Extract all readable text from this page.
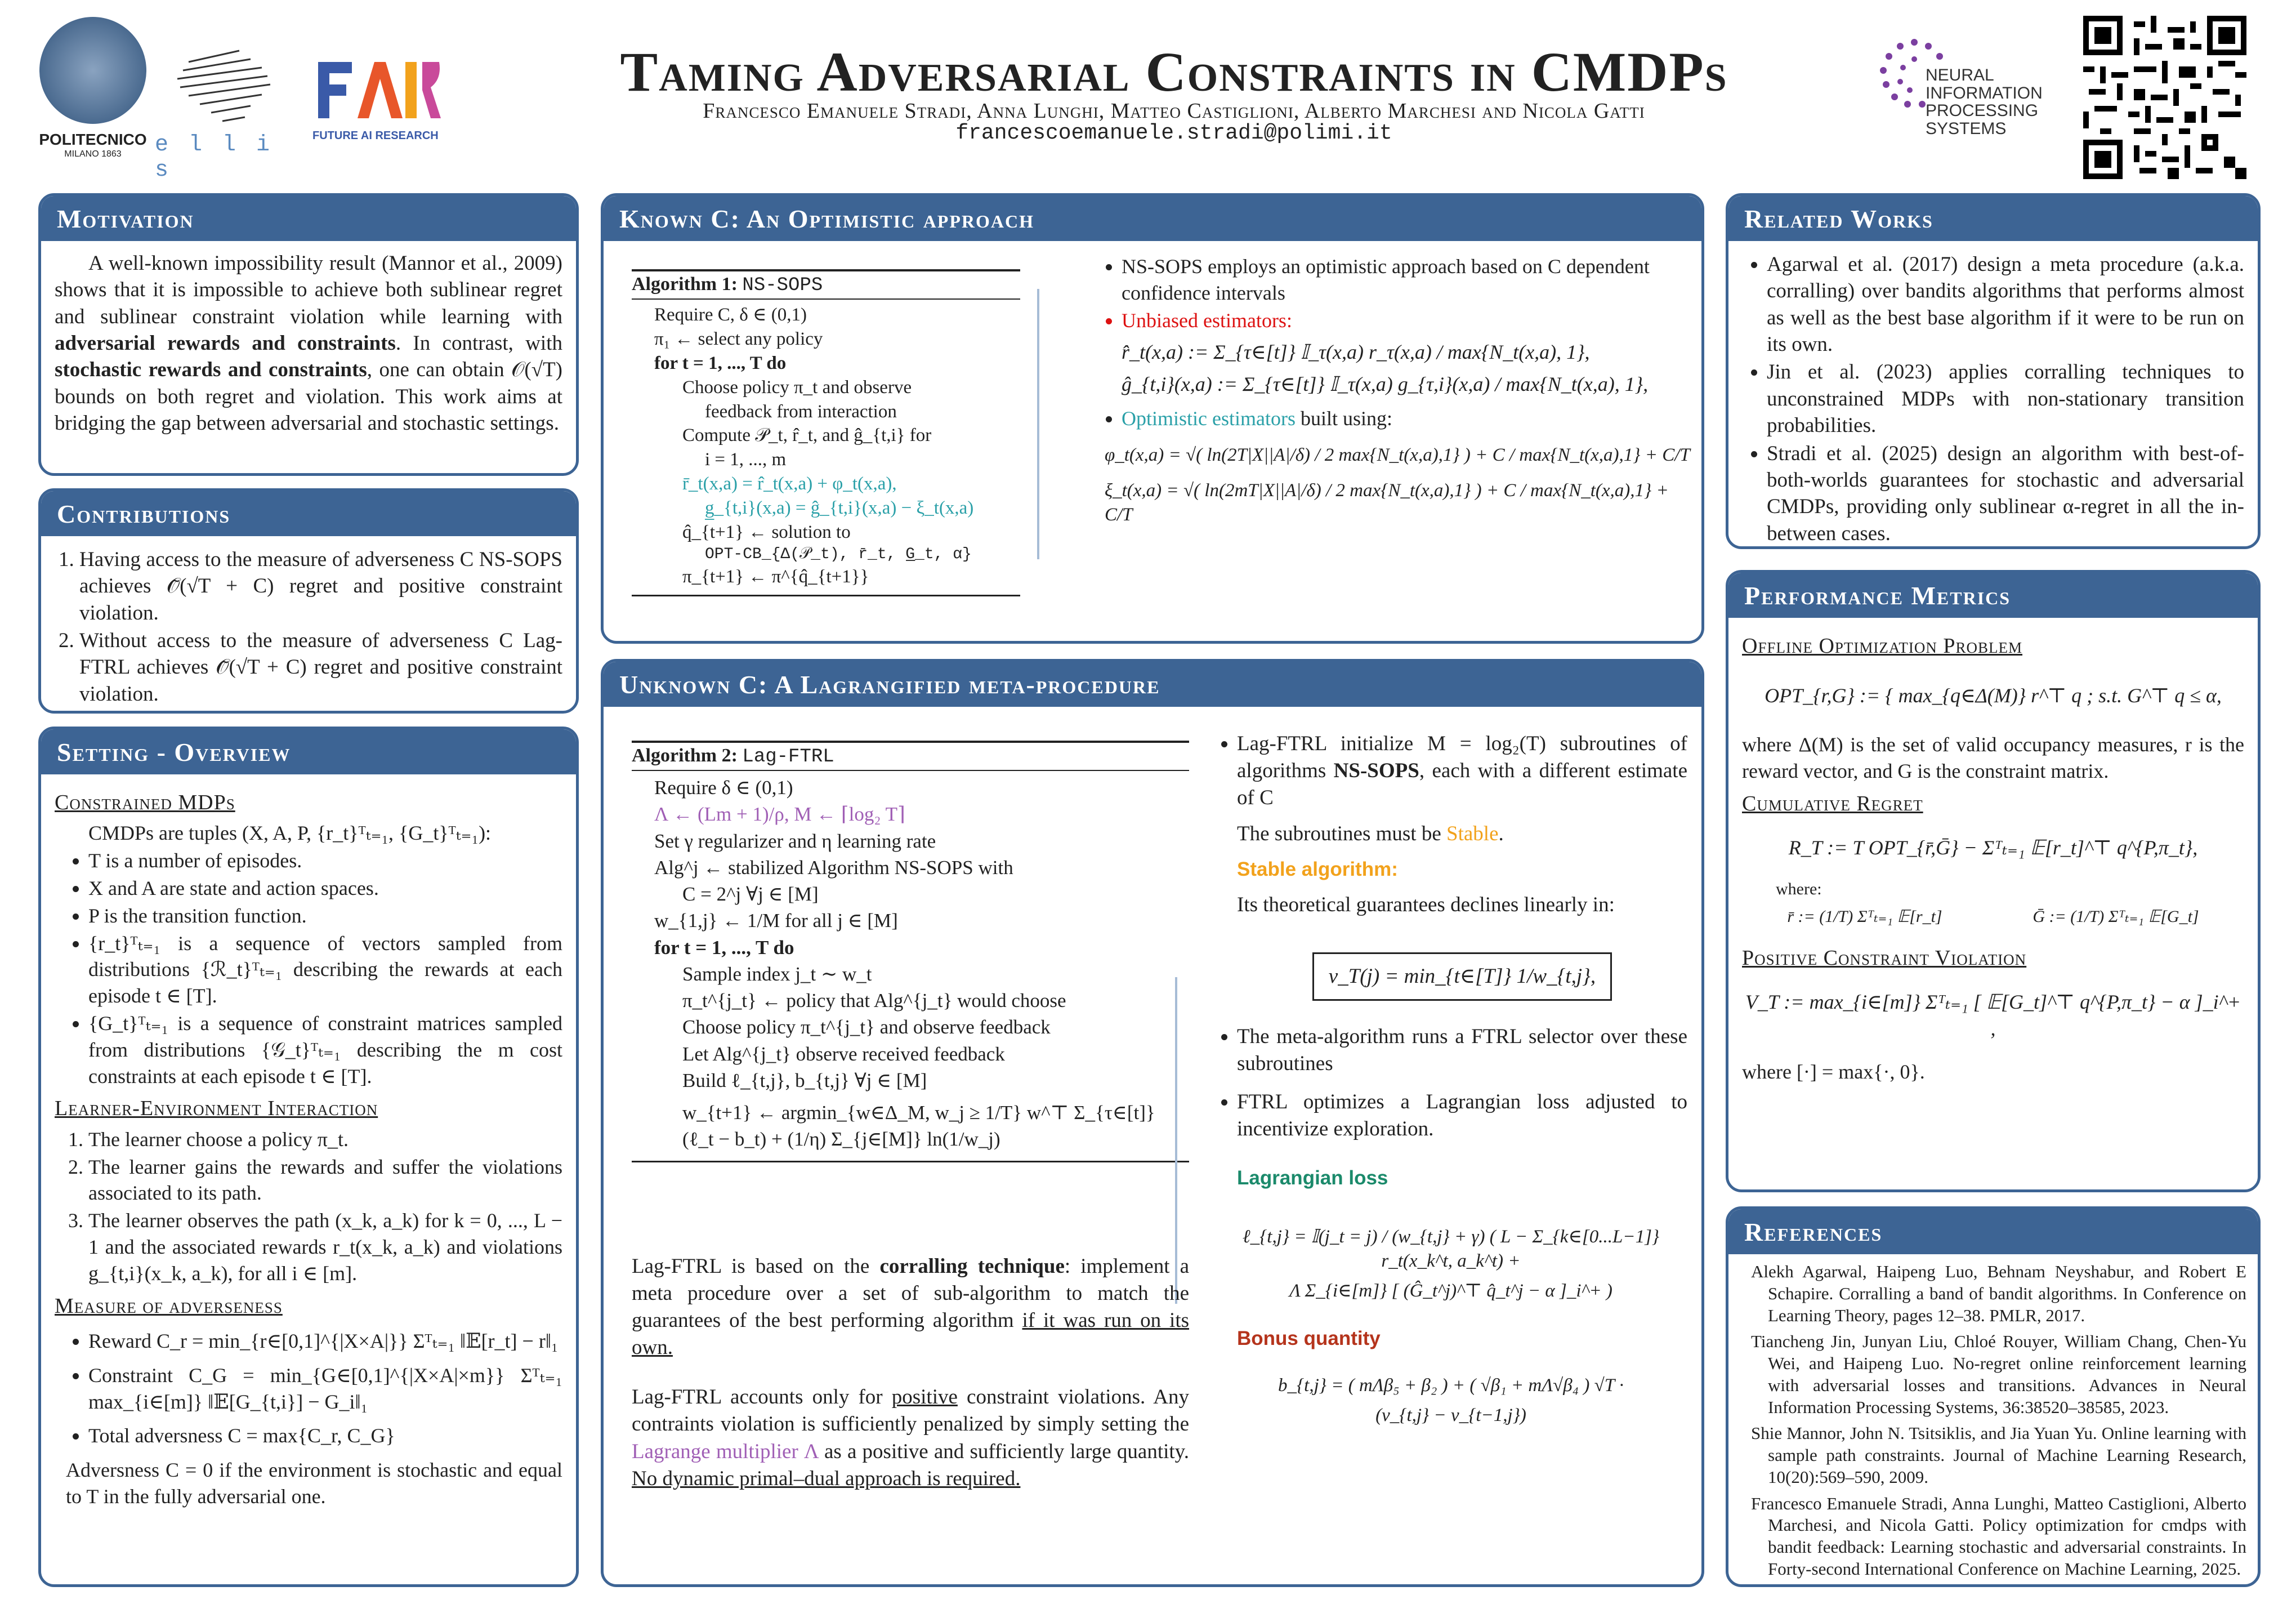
POLITECNICO
MILANO 1863	e l l i s
FUTURE AI RESEARCH
Taming Adversarial Constraints in CMDPs
Francesco Emanuele Stradi, Anna Lunghi, Matteo Castiglioni, Alberto Marchesi and Nicola Gatti
francescoemanuele.stradi@polimi.it
NEURAL INFORMATION PROCESSING SYSTEMS
Motivation
A well-known impossibility result (Mannor et al., 2009) shows that it is impossible to achieve both sublinear regret and sublinear constraint violation while learning with adversarial rewards and constraints. In contrast, with stochastic rewards and constraints, one can obtain 𝒪(√T) bounds on both regret and violation. This work aims at bridging the gap between adversarial and stochastic settings.
Contributions
1. Having access to the measure of adverseness C NS-SOPS achieves 𝒪̃(√T + C) regret and positive constraint violation.
2. Without access to the measure of adverseness C Lag-FTRL achieves 𝒪̃(√T + C) regret and positive constraint violation.
Setting - Overview
Constrained MDPs
CMDPs are tuples (X, A, P, {r_t}ᵀₜ₌₁, {G_t}ᵀₜ₌₁):
• T is a number of episodes.
• X and A are state and action spaces.
• P is the transition function.
• {r_t}ᵀₜ₌₁ is a sequence of vectors sampled from distributions {ℛ_t}ᵀₜ₌₁ describing the rewards at each episode t ∈ [T].
• {G_t}ᵀₜ₌₁ is a sequence of constraint matrices sampled from distributions {𝒢_t}ᵀₜ₌₁ describing the m cost constraints at each episode t ∈ [T].
Learner-Environment Interaction
1. The learner choose a policy π_t.
2. The learner gains the rewards and suffer the violations associated to its path.
3. The learner observes the path (x_k, a_k) for k = 0, ..., L − 1 and the associated rewards r_t(x_k, a_k) and violations g_{t,i}(x_k, a_k), for all i ∈ [m].
Measure of adverseness
• Reward C_r = min_{r∈[0,1]^{|X×A|}} Σᵀₜ₌₁ ‖𝔼[r_t] − r‖₁
• Constraint C_G = min_{G∈[0,1]^{|X×A|×m}} Σᵀₜ₌₁ max_{i∈[m]} ‖𝔼[G_{t,i}] − G_i‖₁
• Total adversness C = max{C_r, C_G}
Adversness C = 0 if the environment is stochastic and equal to T in the fully adversarial one.
Known C: An Optimistic approach
Algorithm 1: NS-SOPS
Require C, δ ∈ (0,1)
π₁ ← select any policy
for t = 1, ..., T do
Choose policy π_t and observe
feedback from interaction
Compute 𝒫_t, r̂_t, and ĝ_{t,i} for
i = 1, ..., m
r̄_t(x,a) = r̂_t(x,a) + φ_t(x,a),
g̲_{t,i}(x,a) = ĝ_{t,i}(x,a) − ξ_t(x,a)
q̂_{t+1} ← solution to
OPT-CB_{Δ(𝒫_t), r̄_t, G̲_t, α}
π_{t+1} ← π^{q̂_{t+1}}
• NS-SOPS employs an optimistic approach based on C dependent confidence intervals
• Unbiased estimators:
r̂_t(x,a) := Σ_{τ∈[t]} 𝕀_τ(x,a) r_τ(x,a) / max{N_t(x,a), 1},
ĝ_{t,i}(x,a) := Σ_{τ∈[t]} 𝕀_τ(x,a) g_{τ,i}(x,a) / max{N_t(x,a), 1},
• Optimistic estimators built using:
φ_t(x,a) = √( ln(2T|X||A|/δ) / 2 max{N_t(x,a),1} ) + C / max{N_t(x,a),1} + C/T
ξ_t(x,a) = √( ln(2mT|X||A|/δ) / 2 max{N_t(x,a),1} ) + C / max{N_t(x,a),1} + C/T
Unknown C: A Lagrangified meta-procedure
Algorithm 2: Lag-FTRL
Require δ ∈ (0,1)
Λ ← (Lm + 1)/ρ, M ← ⌈log₂ T⌉
Set γ regularizer and η learning rate
Alg^j ← stabilized Algorithm NS-SOPS with
C = 2^j ∀j ∈ [M]
w_{1,j} ← 1/M for all j ∈ [M]
for t = 1, ..., T do
Sample index j_t ∼ w_t
π_t^{j_t} ← policy that Alg^{j_t} would choose
Choose policy π_t^{j_t} and observe feedback
Let Alg^{j_t} observe received feedback
Build ℓ_{t,j}, b_{t,j} ∀j ∈ [M]
w_{t+1} ← argmin_{w∈Δ_M, w_j ≥ 1/T} w^⊤ Σ_{τ∈[t]} (ℓ_t − b_t) + (1/η) Σ_{j∈[M]} ln(1/w_j)
Lag-FTRL is based on the corralling technique: implement a meta procedure over a set of sub-algorithm to match the guarantees of the best performing algorithm if it was run on its own.
Lag-FTRL accounts only for positive constraint violations. Any contraints violation is sufficiently penalized by simply setting the Lagrange multiplier Λ as a positive and sufficiently large quantity. No dynamic primal–dual approach is required.
• Lag-FTRL initialize M = log₂(T) subroutines of algorithms NS-SOPS, each with a different estimate of C
The subroutines must be Stable.
Stable algorithm:
Its theoretical guarantees declines linearly in:
ν_T(j) = min_{t∈[T]} 1/w_{t,j},
• The meta-algorithm runs a FTRL selector over these subroutines
• FTRL optimizes a Lagrangian loss adjusted to incentivize exploration.
Lagrangian loss
ℓ_{t,j} = 𝕀(j_t = j) / (w_{t,j} + γ) ( L − Σ_{k∈[0...L−1]} r_t(x_k^t, a_k^t) +
Λ Σ_{i∈[m]} [ (Ĝ_t^j)^⊤ q̂_t^j − α ]_i^+ )
Bonus quantity
b_{t,j} = ( mΛβ₅ + β₂ ) + ( √β₁ + mΛ√β₄ ) √T ·
(ν_{t,j} − ν_{t−1,j})
Related Works
• Agarwal et al. (2017) design a meta procedure (a.k.a. corralling) over bandits algorithms that performs almost as well as the best base algorithm if it were to be run on its own.
• Jin et al. (2023) applies corralling techniques to unconstrained MDPs with non-stationary transition probabilities.
• Stradi et al. (2025) design an algorithm with best-of-both-worlds guarantees for stochastic and adversarial CMDPs, providing only sublinear α-regret in all the in-between cases.
Performance Metrics
Offline Optimization Problem
OPT_{r,G} := { max_{q∈Δ(M)} r^⊤ q ; s.t. G^⊤ q ≤ α,
where Δ(M) is the set of valid occupancy measures, r is the reward vector, and G is the constraint matrix.
Cumulative Regret
R_T := T OPT_{r̄,Ḡ} − Σᵀₜ₌₁ 𝔼[r_t]^⊤ q^{P,π_t},
where:
r̄ := (1/T) Σᵀₜ₌₁ 𝔼[r_t]	Ḡ := (1/T) Σᵀₜ₌₁ 𝔼[G_t]
Positive Constraint Violation
V_T := max_{i∈[m]} Σᵀₜ₌₁ [ 𝔼[G_t]^⊤ q^{P,π_t} − α ]_i^+ ,
where [·] = max{·, 0}.
References
Alekh Agarwal, Haipeng Luo, Behnam Neyshabur, and Robert E Schapire. Corralling a band of bandit algorithms. In Conference on Learning Theory, pages 12–38. PMLR, 2017.
Tiancheng Jin, Junyan Liu, Chloé Rouyer, William Chang, Chen-Yu Wei, and Haipeng Luo. No-regret online reinforcement learning with adversarial losses and transitions. Advances in Neural Information Processing Systems, 36:38520–38585, 2023.
Shie Mannor, John N. Tsitsiklis, and Jia Yuan Yu. Online learning with sample path constraints. Journal of Machine Learning Research, 10(20):569–590, 2009.
Francesco Emanuele Stradi, Anna Lunghi, Matteo Castiglioni, Alberto Marchesi, and Nicola Gatti. Policy optimization for cmdps with bandit feedback: Learning stochastic and adversarial constraints. In Forty-second International Conference on Machine Learning, 2025.
